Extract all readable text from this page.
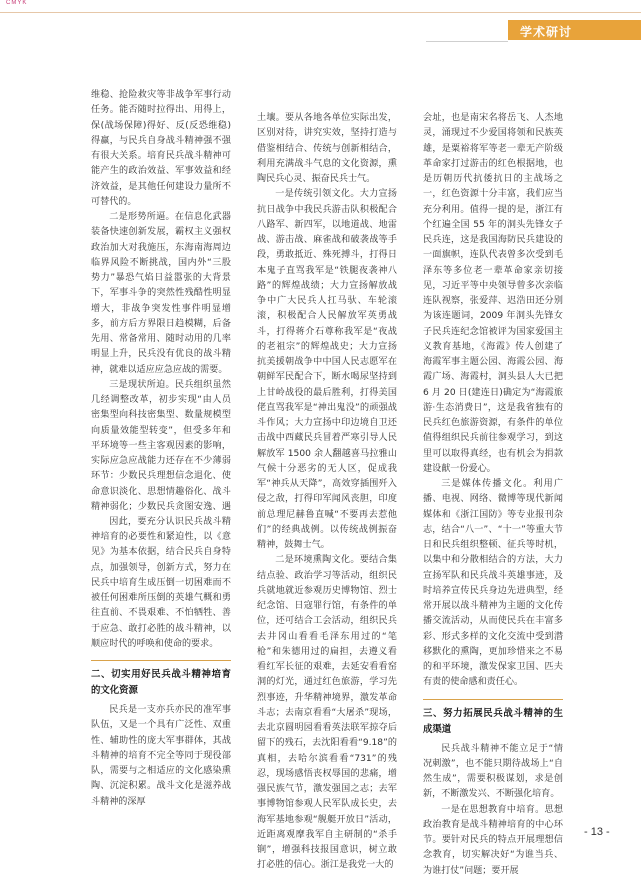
CMYK
学术研讨

维稳、抢险救灾等非战争军事行动任务。能否随时拉得出、用得上，保(战场保障)得好、反(反恐维稳)得赢，与民兵自身战斗精神强不强有很大关系。培育民兵战斗精神可能产生的政治效益、军事效益和经济效益，是其他任何建设力量所不可替代的。

二是形势所逼。在信息化武器装备快速创新发展，霸权主义强权政治加大对我施压，东海南海周边临界风险不断挑战，国内外“三股势力”暴恐气焰日益嚣张的大背景下，军事斗争的突然性残酷性明显增大，非战争突发性事件明显增多，前方后方界限日趋模糊，后备先用、常备常用、随时动用的几率明显上升，民兵没有优良的战斗精神，就难以适应应急应战的需要。

三是现状所迫。民兵组织虽然几经调整改革，初步实现“由人员密集型向科技密集型、数量规模型向质量效能型转变”，但受多年和平环境等一些主客观因素的影响，实际应急应战能力还存在不少薄弱环节：少数民兵理想信念退化、使命意识淡化、思想情趣俗化、战斗精神弱化；少数民兵贪图安逸、遇

因此，要充分认识民兵战斗精神培育的必要性和紧迫性，以《意见》为基本依据，结合民兵自身特点，加强领导，创新方式，努力在民兵中培育生成压倒一切困难而不被任何困难所压倒的英雄气概和勇往直前、不畏艰难、不怕牺牲、善于应急、敢打必胜的战斗精神，以顺应时代的呼唤和使命的要求。

二、切实用好民兵战斗精神培育的文化资源

民兵是一支亦兵亦民的准军事队伍，又是一个具有广泛性、双重性、辅助性的庞大军事群体，其战斗精神的培育不完全等同于现役部队，需要与之相适应的文化感染熏陶、沉淀积累。战斗文化是滋养战斗精神的深厚

土壤。要从各地各单位实际出发，区别对待，讲究实效，坚持打造与借鉴相结合、传统与创新相结合，利用充满战斗气息的文化资源，熏陶民兵心灵、振奋民兵士气。

一是传统引领文化。大力宣扬抗日战争中我民兵游击队积极配合八路军、新四军，以地道战、地雷战、游击战、麻雀战和破袭战等手段，勇敢抵近、殊死搏斗，打得日本鬼子直骂我军是“铁腿夜袭神八路”的辉煌战绩；大力宣扬解放战争中广大民兵人扛马驮、车轮滚滚，积极配合人民解放军英勇战斗，打得蒋介石尊称我军是“夜战的老祖宗”的辉煌战史；大力宣扬抗美援朝战争中中国人民志愿军在朝鲜军民配合下，断水喝尿坚持到上甘岭战役的最后胜利，打得美国佬直骂我军是“神出鬼没”的顽强战斗作风；大力宣扬中印边境自卫还击战中西藏民兵冒着严寒引导人民解放军 1500 余人翻越喜马拉雅山气候十分恶劣的无人区，促成我军“神兵从天降”，高效穿插围歼入侵之敌，打得印军闻风丧胆，印度前总理尼赫鲁直喊“不要再去惹他们”的经典战例。以传统战例振奋精神，鼓舞士气。

二是环境熏陶文化。要结合集结点验、政治学习等活动，组织民兵就地就近参观历史博物馆、烈士纪念馆、日寇罪行馆，有条件的单位，还可结合工会活动，组织民兵去井冈山看看毛泽东用过的“笔枪”和朱德用过的扁担，去遵义看看红军长征的艰难，去延安看看窑洞的灯光，通过红色旅游，学习先烈事迹，升华精神境界，激发革命斗志；去南京看看“大屠杀”现场，去北京圆明园看看英法联军掠夺后留下的残石，去沈阳看看“9.18”的真相，去哈尔滨看看“731”的残忍，现场感悟丧权辱国的悲痛，增强民族气节，激发强国之志；去军事博物馆参观人民军队成长史，去海军基地参观“舰艇开放日”活动，近距离观摩我军自主研制的“杀手锏”，增强科技报国意识，树立敢打必胜的信心。浙江是我党一大的

会址，也是南宋名将岳飞、人杰地灵，涌现过不少爱国将领和民族英雄，是粟裕将军等老一辈无产阶级革命家打过游击的红色根据地，也是历朝历代抗倭抗日的主战场之一，红色资源十分丰富，我们应当充分利用。值得一提的是，浙江有个红遍全国 55 年的洞头先锋女子民兵连，这是我国海防民兵建设的一面旗帜，连队代表曾多次受到毛泽东等多位老一辈革命家亲切接见，习近平等中央领导曾多次亲临连队视察，张爱萍、迟浩田还分别为该连题词，2009 年洞头先锋女子民兵连纪念馆被评为国家爱国主义教育基地，《海霞》传人创建了海霞军事主题公园、海霞公园、海霞广场、海霞村，洞头县人大已把 6 月 20 日(建连日)确定为“海霞旅游·生态消费日”，这是我省独有的民兵红色旅游资源，有条件的单位值得组织民兵前往参观学习，到这里可以取得真经，也有机会为捐款建设献一份爱心。

三是媒体传播文化。利用广播、电视、网络、微博等现代新闻媒体和《浙江国防》等专业报刊杂志，结合“八一”、“十一”等重大节日和民兵组织整顿、征兵等时机，以集中和分散相结合的方法，大力宣扬军队和民兵战斗英雄事迹，及时培养宣传民兵身边先进典型，经常开展以战斗精神为主题的文化传播交流活动，从而使民兵在丰富多彩、形式多样的文化交流中受到潜移默化的熏陶，更加珍惜来之不易的和平环境，激发保家卫国、匹夫有责的使命感和责任心。

三、努力拓展民兵战斗精神的生成渠道

民兵战斗精神不能立足于“情况刺激”，也不能只期待战场上“自然生成”，需要积极谋划，求是创新，不断激发兴、不断强化培育。

一是在思想教育中培育。思想政治教育是战斗精神培育的中心环节。要针对民兵的特点开展理想信念教育，切实解决好“为谁当兵、为谁打仗”问题；要开展

- 13 -
